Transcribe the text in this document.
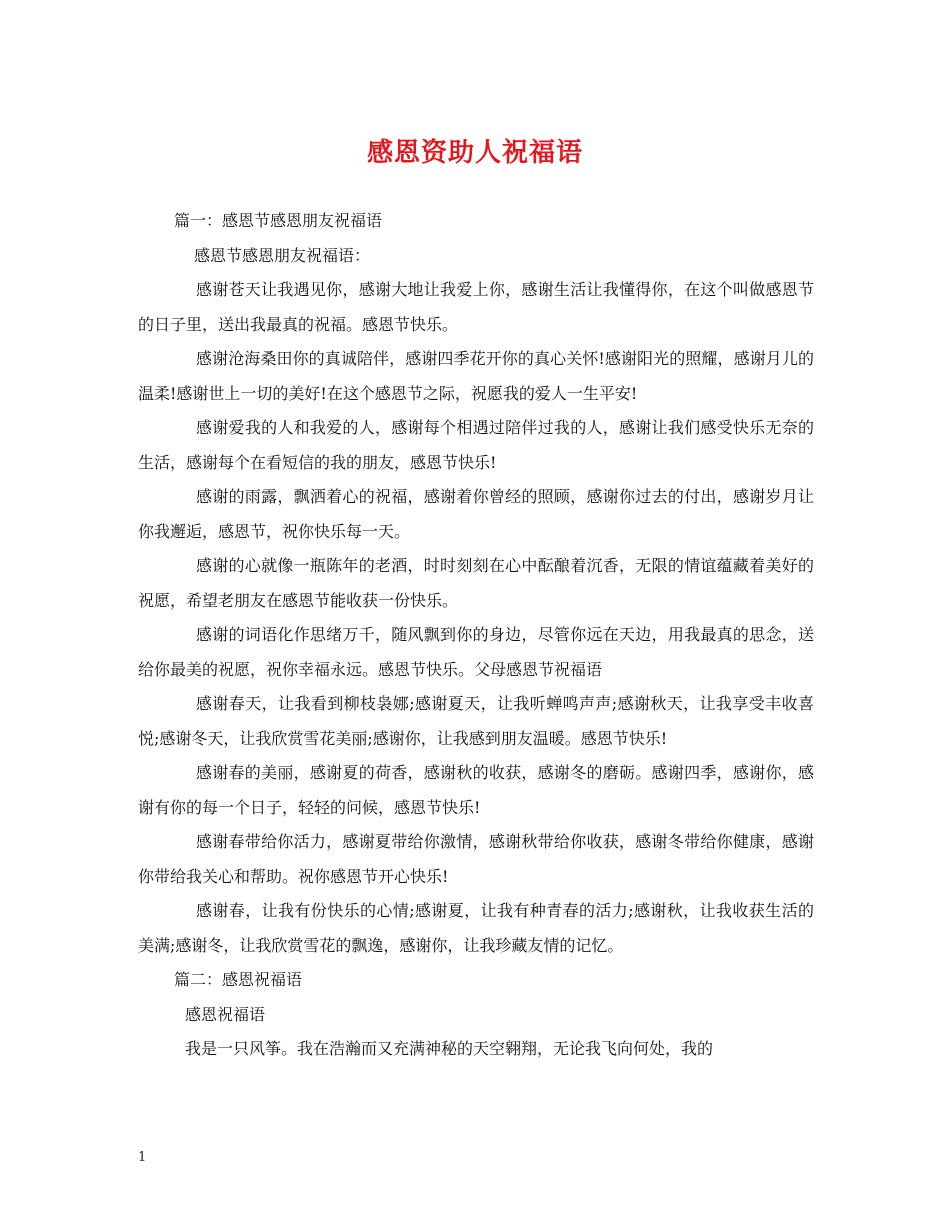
感恩资助人祝福语

篇一：感恩节感恩朋友祝福语

感恩节感恩朋友祝福语：

感谢苍天让我遇见你，感谢大地让我爱上你，感谢生活让我懂得你，在这个叫做感恩节的日子里，送出我最真的祝福。感恩节快乐。

感谢沧海桑田你的真诚陪伴，感谢四季花开你的真心关怀!感谢阳光的照耀，感谢月儿的温柔!感谢世上一切的美好!在这个感恩节之际，祝愿我的爱人一生平安!

感谢爱我的人和我爱的人，感谢每个相遇过陪伴过我的人，感谢让我们感受快乐无奈的生活，感谢每个在看短信的我的朋友，感恩节快乐!

感谢的雨露，飘洒着心的祝福，感谢着你曾经的照顾，感谢你过去的付出，感谢岁月让你我邂逅，感恩节，祝你快乐每一天。

感谢的心就像一瓶陈年的老酒，时时刻刻在心中酝酿着沉香，无限的情谊蕴藏着美好的祝愿，希望老朋友在感恩节能收获一份快乐。

感谢的词语化作思绪万千，随风飘到你的身边，尽管你远在天边，用我最真的思念，送给你最美的祝愿，祝你幸福永远。感恩节快乐。父母感恩节祝福语

感谢春天，让我看到柳枝袅娜;感谢夏天，让我听蝉鸣声声;感谢秋天，让我享受丰收喜悦;感谢冬天，让我欣赏雪花美丽;感谢你，让我感到朋友温暖。感恩节快乐!

感谢春的美丽，感谢夏的荷香，感谢秋的收获，感谢冬的磨砺。感谢四季，感谢你，感谢有你的每一个日子，轻轻的问候，感恩节快乐!

感谢春带给你活力，感谢夏带给你激情，感谢秋带给你收获，感谢冬带给你健康，感谢你带给我关心和帮助。祝你感恩节开心快乐!

感谢春，让我有份快乐的心情;感谢夏，让我有种青春的活力;感谢秋，让我收获生活的美满;感谢冬，让我欣赏雪花的飘逸，感谢你，让我珍藏友情的记忆。

篇二：感恩祝福语

感恩祝福语

我是一只风筝。我在浩瀚而又充满神秘的天空翱翔，无论我飞向何处，我的

1
